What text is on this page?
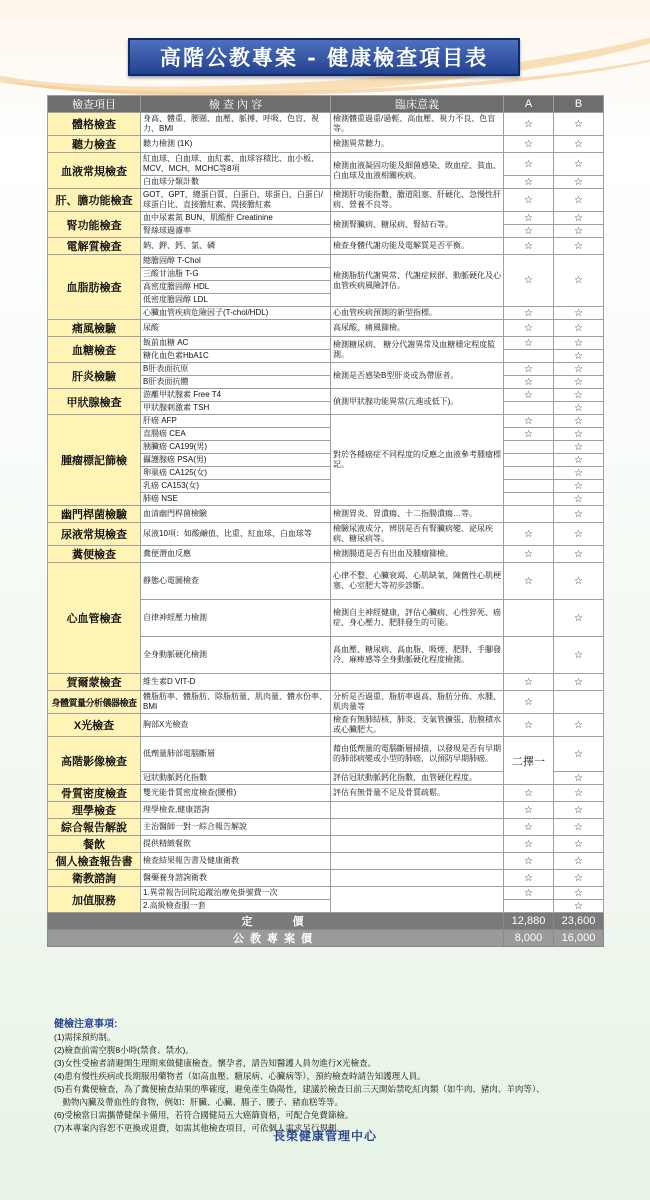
高階公教專案 - 健康檢查項目表
檢查項目	檢 查 內 容	臨床意義	A	B
體格檢查	身高、體重、腰圍、血壓、脈搏、呼吸、色盲、視力、BMI	檢測體重過重/過輕、高血壓、視力不良、色盲等。	☆	☆
聽力檢查	聽力檢測 (1K)	檢測異常聽力。	☆	☆
血液常規檢查	紅血球、白血球、血紅素、血球容積比、血小板、MCV、MCH、MCHC等8項	檢測血液凝固功能及細菌感染、敗血症、貧血、白血球及血液相關疾病。	☆	☆
	白血球分類計數		☆	☆
肝、膽功能檢查	GOT、GPT、總蛋白質、白蛋白、球蛋白、白蛋白/球蛋白比、直接膽紅素、間接膽紅素	檢測肝功能指數、膽道阻塞、肝硬化、急慢性肝病、營養不良等。	☆	☆
腎功能檢查	血中尿素氮 BUN、肌酸酐 Creatinine	檢測腎臟病、糖尿病、腎結石等。	☆	☆
	腎絲球過濾率		☆	☆
電解質檢查	鈉、鉀、鈣、氯、磷	檢查身體代謝功能及電解質是否平衡。	☆	☆
血脂肪檢查	總膽固醇 T-Chol	檢測脂肪代謝異常、代謝症候群、動脈硬化及心血管疾病風險評估。	☆	☆
	三酸甘油脂 T-G			
	高密度膽固醇 HDL			
	低密度膽固醇 LDL			
	心臟血管疾病危險因子(T-chol/HDL)	心血管疾病預測的新型指標。	☆	☆
痛風檢驗	尿酸	高尿酸、痛風篩檢。	☆	☆
血糖檢查	飯前血糖 AC	檢測糖尿病、 糖分代謝異常及血糖穩定程度監測。	☆	☆
	糖化血色素HbA1C			☆
肝炎檢驗	B肝表面抗原	檢測是否感染B型肝炎或為帶原者。	☆	☆
	B肝表面抗體		☆	☆
甲狀腺檢查	游離甲狀腺素 Free T4	偵測甲狀腺功能異常(亢進或低下)。	☆	☆
	甲狀腺刺激素 TSH			☆
腫瘤標記篩檢	肝癌 AFP	對於各種癌症不同程度的反應之血液參考腫瘤標記。	☆	☆
	直腸癌 CEA		☆	☆
	胰臟癌 CA199(男)			☆
	攝護腺癌 PSA(男)			☆
	卵巢癌 CA125(女)			☆
	乳癌 CA153(女)			☆
	肺癌 NSE			☆
幽門桿菌檢驗	血清幽門桿菌檢驗	檢測胃炎、胃潰瘍、十二指腸潰瘍…等。		☆
尿液常規檢查	尿液10項：如酸鹼值、比重、紅血球、白血球等	檢驗尿液成分，辨別是否有腎臟病變、泌尿疾病、糖尿病等。	☆	☆
糞便檢查	糞便潛血反應	檢測腸道是否有出血及腫瘤篩檢。	☆	☆
心血管檢查	靜態心電圖檢查	心律不整、心臟衰竭、心肌缺氧、陳舊性心肌梗塞、心室肥大等初步診斷。	☆	☆
	自律神經壓力檢測	檢測自主神經健康，評估心臟病、心性猝死、癌症、身心壓力、肥胖發生的可能。		☆
	全身動脈硬化檢測	高血壓、糖尿病、高血脂、吸煙、肥胖、手腳發冷、麻痺感等全身動脈硬化程度檢測。		☆
賀爾蒙檢查	維生素D VIT-D		☆	☆
身體質量分析儀器檢查	體脂肪率、體脂肪、除脂肪量、肌肉量、體水份率、BMI	分析是否過重、脂肪率過高、脂肪分佈、水腫、肌肉量等	☆	
X光檢查	胸部X光檢查	檢查有無肺結核、肺炎、支氣管擴張、肋膜積水或心臟肥大。	☆	☆
高階影像檢查	低劑量肺部電腦斷層	藉由低劑量的電腦斷層掃描，以發現是否有早期的肺部病變或小型的肺癌，以預防早期肺癌。	二擇一	☆
	冠狀動脈鈣化指數	評估冠狀動脈鈣化指數，血管硬化程度。		☆
骨質密度檢查	雙光能骨質密度檢查(腰椎)	評估有無骨量不足及骨質疏鬆。	☆	☆
理學檢查	理學檢查,健康諮詢		☆	☆
綜合報告解說	主治醫師一對一綜合報告解說		☆	☆
餐飲	提供精緻餐飲		☆	☆
個人檢查報告書	檢查結果報告書及健康衛教		☆	☆
衛教諮詢	醫藥養身諮詢衛教		☆	☆
加值服務	1.異常報告回院追蹤治療免掛號費一次		☆	☆
	2.高級檢查服一套			☆
定　　價			12,880	23,600
公教專案價			8,000	16,000
健檢注意事項:
(1)需採預約制。
(2)檢查前需空腹8小時(禁食、禁水)。
(3)女性受檢者請避開生理期來做健康檢查。懷孕者，請告知醫護人員勿進行X光檢查。
(4)患有慢性疾病或長期服用藥物者（如高血壓、糖尿病、心臟病等），預約檢查時請告知護理人員。
(5)若有糞便檢查，為了糞便檢查結果的準確度，避免產生偽陽性，建議於檢查日前三天開始禁吃紅肉類（如牛肉、豬肉、羊肉等）、
　動物內臟及帶血性的食物，例如：肝臟、心臟、腸子、腰子、豬血糕等等。
(6)受檢當日需攜帶健保卡備用，若符合國健局五大癌篩資格，可配合免費篩檢。
(7)本專案內容恕不更換或退費，如需其他檢查項目，可依個人需求另行規劃。
長榮健康管理中心
